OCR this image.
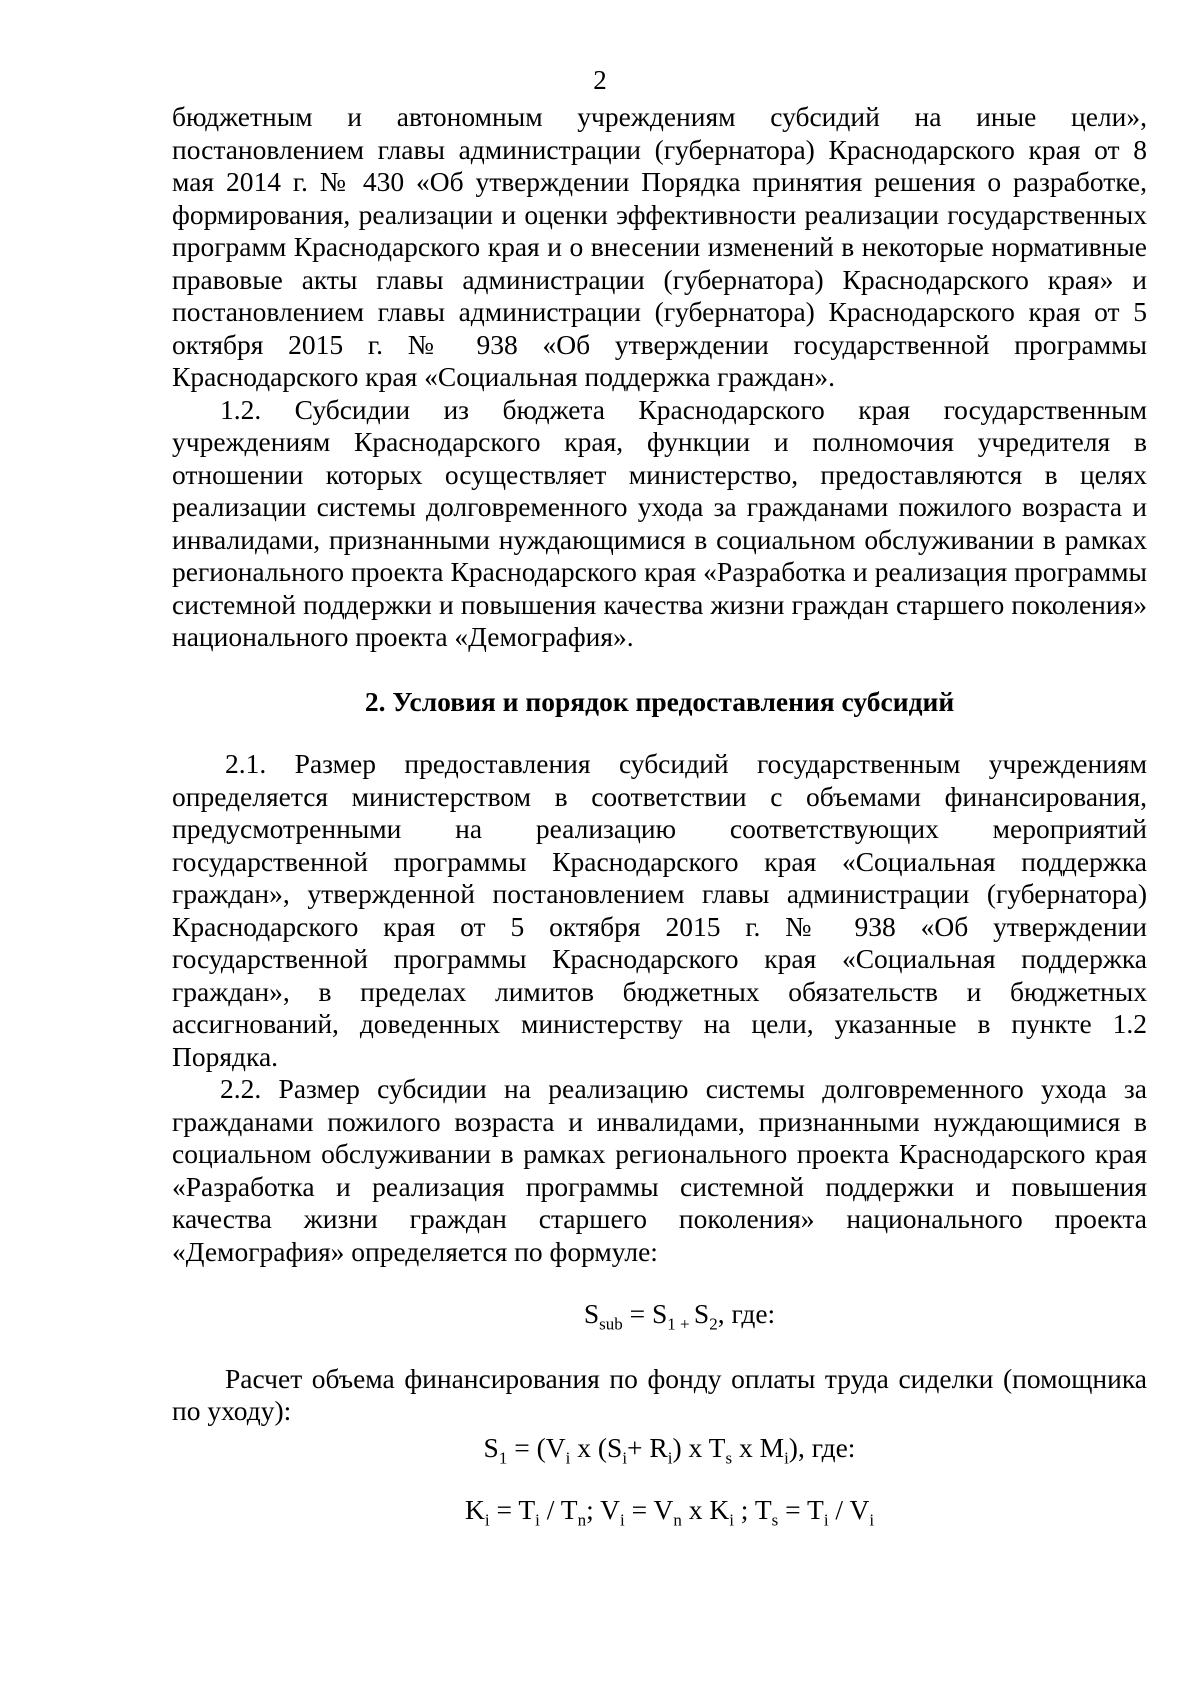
2

бюджетным и автономным учреждениям субсидий на иные цели», постановлением главы администрации (губернатора) Краснодарского края от 8 мая 2014 г. № 430 «Об утверждении Порядка принятия решения о разработке, формирования, реализации и оценки эффективности реализации государственных программ Краснодарского края и о внесении изменений в некоторые нормативные правовые акты главы администрации (губернатора) Краснодарского края» и постановлением главы администрации (губернатора) Краснодарского края от 5 октября 2015 г. № 938 «Об утверждении государственной программы Краснодарского края «Социальная поддержка граждан».

1.2. Субсидии из бюджета Краснодарского края государственным учреждениям Краснодарского края, функции и полномочия учредителя в отношении которых осуществляет министерство, предоставляются в целях реализации системы долговременного ухода за гражданами пожилого возраста и инвалидами, признанными нуждающимися в социальном обслуживании в рамках регионального проекта Краснодарского края «Разработка и реализация программы системной поддержки и повышения качества жизни граждан старшего поколения» национального проекта «Демография».

2. Условия и порядок предоставления субсидий

2.1. Размер предоставления субсидий государственным учреждениям определяется министерством в соответствии с объемами финансирования, предусмотренными на реализацию соответствующих мероприятий государственной программы Краснодарского края «Социальная поддержка граждан», утвержденной постановлением главы администрации (губернатора) Краснодарского края от 5 октября 2015 г. № 938 «Об утверждении государственной программы Краснодарского края «Социальная поддержка граждан», в пределах лимитов бюджетных обязательств и бюджетных ассигнований, доведенных министерству на цели, указанные в пункте 1.2 Порядка.

2.2. Размер субсидии на реализацию системы долговременного ухода за гражданами пожилого возраста и инвалидами, признанными нуждающимися в социальном обслуживании в рамках регионального проекта Краснодарского края «Разработка и реализация программы системной поддержки и повышения качества жизни граждан старшего поколения» национального проекта «Демография» определяется по формуле:

$S_{sub} = S_1$ $_+$ $S_2$, где:

Расчет объема финансирования по фонду оплаты труда сиделки (помощника по уходу):

$S_1 = (V_i$ x $(S_i+ R_i)$ x $T_s$ x $M_i$), где:
$K_i = T_i / T_n$; $V_i = V_n$ x $K_i$ ; $T_s = T_i / V_i$
